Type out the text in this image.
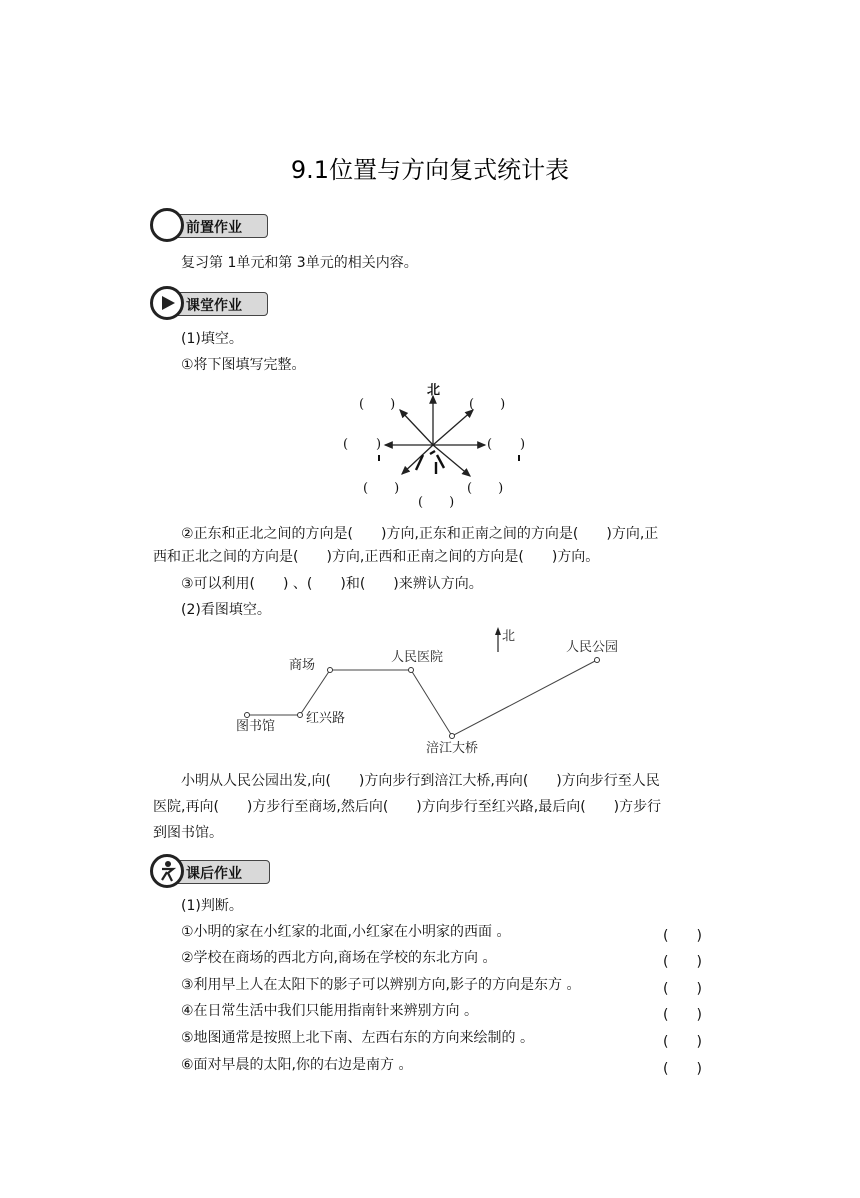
9.1位置与方向复式统计表
前置作业
复习第 1单元和第 3单元的相关内容。
课堂作业
(1)填空。
①将下图填写完整。
北
(　　)	(　　)
( )	( )
(　　)	(　　)
(　　)
②正东和正北之间的方向是(　　)方向,正东和正南之间的方向是(　　)方向,正
西和正北之间的方向是(　　)方向,正西和正南之间的方向是(　　)方向。
③可以利用(　　) 、(　　)和(　　)来辨认方向。
(2)看图填空。
北
图书馆
红兴路
商场
人民医院
涪江大桥
人民公园
小明从人民公园出发,向(　　)方向步行到涪江大桥,再向(　　)方向步行至人民
医院,再向(　　)方步行至商场,然后向(　　)方向步行至红兴路,最后向(　　)方步行
到图书馆。
课后作业
(1)判断。
①小明的家在小红家的北面,小红家在小明家的西面 。	(　　)
②学校在商场的西北方向,商场在学校的东北方向 。	(　　)
③利用早上人在太阳下的影子可以辨别方向,影子的方向是东方 。	(　　)
④在日常生活中我们只能用指南针来辨别方向 。	(　　)
⑤地图通常是按照上北下南、左西右东的方向来绘制的 。	(　　)
⑥面对早晨的太阳,你的右边是南方 。	(　　)
